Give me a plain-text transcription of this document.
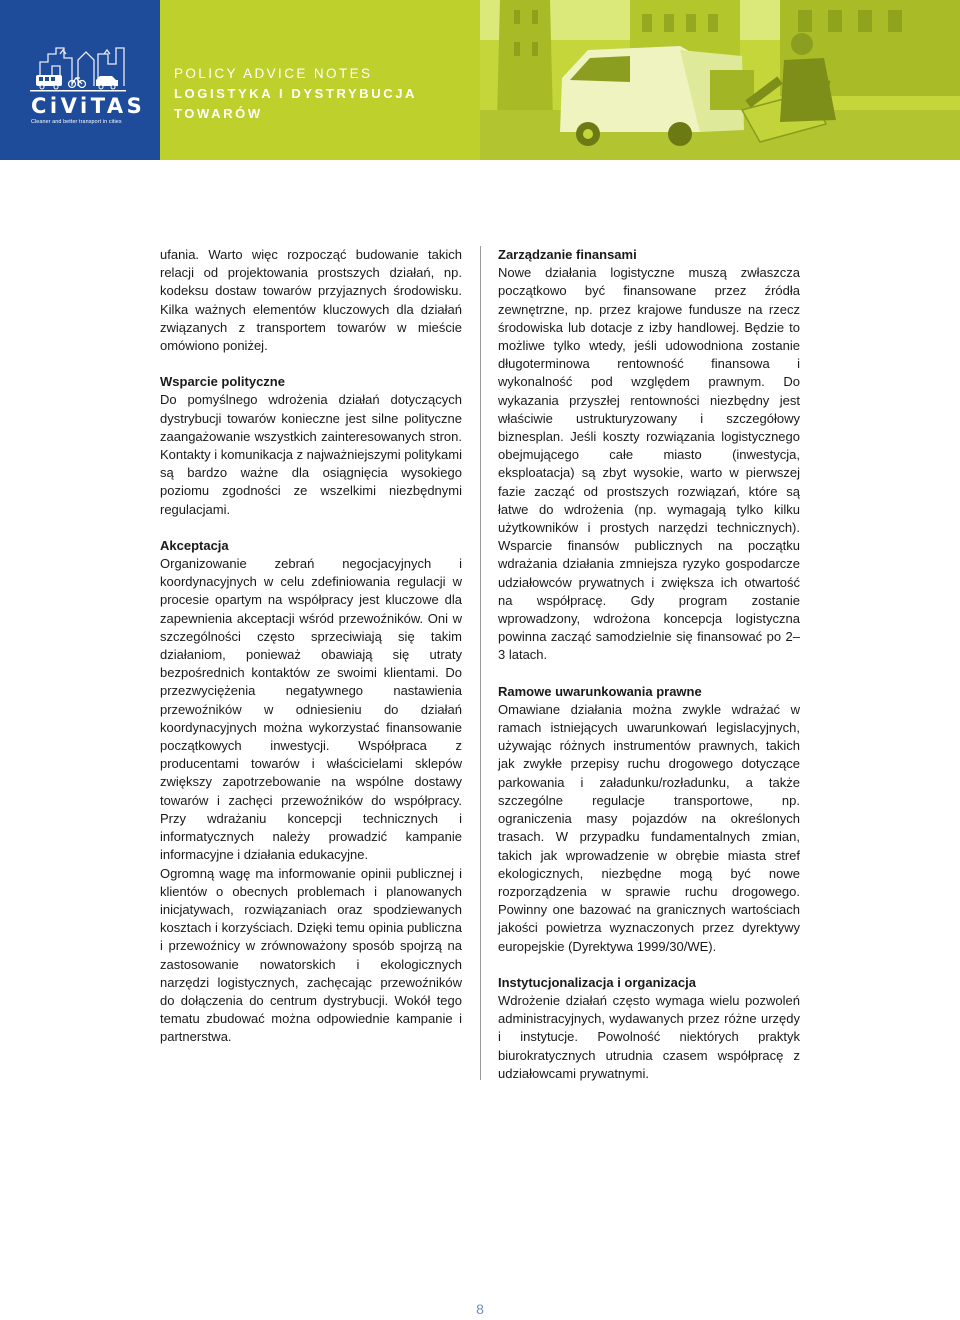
CiViTAS
Cleaner and better transport in cities
POLICY ADVICE NOTES
LOGISTYKA I DYSTRYBUCJA
TOWARÓW

ufania. Warto więc rozpocząć budowanie takich relacji od projektowania prostszych działań, np. kodeksu dostaw towarów przyjaznych środowisku. Kilka ważnych elementów kluczowych dla działań związanych z transportem towarów w mieście omówiono poniżej.

Wsparcie polityczne

Do pomyślnego wdrożenia działań dotyczących dystrybucji towarów konieczne jest silne polityczne zaangażowanie wszystkich zainteresowanych stron. Kontakty i komunikacja z najważniejszymi politykami są bardzo ważne dla osiągnięcia wysokiego poziomu zgodności ze wszelkimi niezbędnymi regulacjami.

Akceptacja

Organizowanie zebrań negocjacyjnych i koordynacyjnych w celu zdefiniowania regulacji w procesie opartym na współpracy jest kluczowe dla zapewnienia akceptacji wśród przewoźników. Oni w szczególności często sprzeciwiają się takim działaniom, ponieważ obawiają się utraty bezpośrednich kontaktów ze swoimi klientami. Do przezwyciężenia negatywnego nastawienia przewoźników w odniesieniu do działań koordynacyjnych można wykorzystać finansowanie początkowych inwestycji. Współpraca z producentami towarów i właścicielami sklepów zwiększy zapotrzebowanie na wspólne dostawy towarów i zachęci przewoźników do współpracy. Przy wdrażaniu koncepcji technicznych i informatycznych należy prowadzić kampanie informacyjne i działania edukacyjne.

Ogromną wagę ma informowanie opinii publicznej i klientów o obecnych problemach i planowanych inicjatywach, rozwiązaniach oraz spodziewanych kosztach i korzyściach. Dzięki temu opinia publiczna i przewoźnicy w zrównoważony sposób spojrzą na zastosowanie nowatorskich i ekologicznych narzędzi logistycznych, zachęcając przewoźników do dołączenia do centrum dystrybucji. Wokół tego tematu zbudować można odpowiednie kampanie i partnerstwa.

Zarządzanie finansami

Nowe działania logistyczne muszą zwłaszcza początkowo być finansowane przez źródła zewnętrzne, np. przez krajowe fundusze na rzecz środowiska lub dotacje z izby handlowej. Będzie to możliwe tylko wtedy, jeśli udowodniona zostanie długoterminowa rentowność finansowa i wykonalność pod względem prawnym. Do wykazania przyszłej rentowności niezbędny jest właściwie ustrukturyzowany i szczegółowy biznesplan. Jeśli koszty rozwiązania logistycznego obejmującego całe miasto (inwestycja, eksploatacja) są zbyt wysokie, warto w pierwszej fazie zacząć od prostszych rozwiązań, które są łatwe do wdrożenia (np. wymagają tylko kilku użytkowników i prostych narzędzi technicznych). Wsparcie finansów publicznych na początku wdrażania działania zmniejsza ryzyko gospodarcze udziałowców prywatnych i zwiększa ich otwartość na współpracę. Gdy program zostanie wprowadzony, wdrożona koncepcja logistyczna powinna zacząć samodzielnie się finansować po 2–3 latach.

Ramowe uwarunkowania prawne

Omawiane działania można zwykle wdrażać w ramach istniejących uwarunkowań legislacyjnych, używając różnych instrumentów prawnych, takich jak zwykłe przepisy ruchu drogowego dotyczące parkowania i załadunku/rozładunku, a także szczególne regulacje transportowe, np. ograniczenia masy pojazdów na określonych trasach. W przypadku fundamentalnych zmian, takich jak wprowadzenie w obrębie miasta stref ekologicznych, niezbędne mogą być nowe rozporządzenia w sprawie ruchu drogowego. Powinny one bazować na granicznych wartościach jakości powietrza wyznaczonych przez dyrektywy europejskie (Dyrektywa 1999/30/WE).

Instytucjonalizacja i organizacja

Wdrożenie działań często wymaga wielu pozwoleń administracyjnych, wydawanych przez różne urzędy i instytucje. Powolność niektórych praktyk biurokratycznych utrudnia czasem współpracę z udziałowcami prywatnymi.

8
